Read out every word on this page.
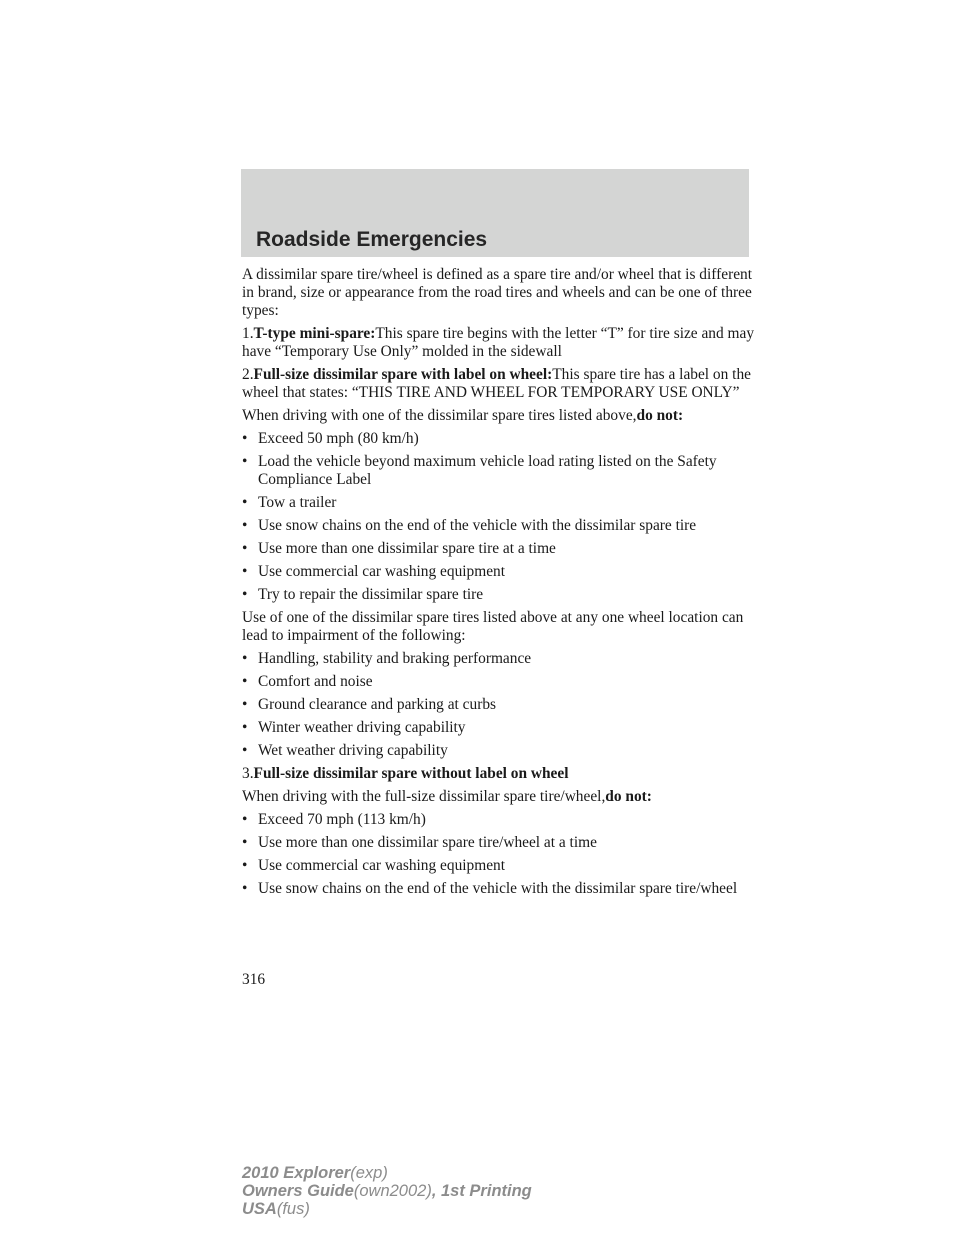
Roadside Emergencies

A dissimilar spare tire/wheel is defined as a spare tire and/or wheel that is different in brand, size or appearance from the road tires and wheels and can be one of three types:

1.T-type mini-spare:This spare tire begins with the letter “T” for tire size and may have “Temporary Use Only” molded in the sidewall

2.Full-size dissimilar spare with label on wheel:This spare tire has a label on the wheel that states: “THIS TIRE AND WHEEL FOR TEMPORARY USE ONLY”

When driving with one of the dissimilar spare tires listed above,do not:

• Exceed 50 mph (80 km/h)
• Load the vehicle beyond maximum vehicle load rating listed on the Safety Compliance Label
• Tow a trailer
• Use snow chains on the end of the vehicle with the dissimilar spare tire
• Use more than one dissimilar spare tire at a time
• Use commercial car washing equipment
• Try to repair the dissimilar spare tire

Use of one of the dissimilar spare tires listed above at any one wheel location can lead to impairment of the following:

• Handling, stability and braking performance
• Comfort and noise
• Ground clearance and parking at curbs
• Winter weather driving capability
• Wet weather driving capability

3.Full-size dissimilar spare without label on wheel

When driving with the full-size dissimilar spare tire/wheel,do not:

• Exceed 70 mph (113 km/h)
• Use more than one dissimilar spare tire/wheel at a time
• Use commercial car washing equipment
• Use snow chains on the end of the vehicle with the dissimilar spare tire/wheel
316
2010 Explorer(exp)
Owners Guide(own2002), 1st Printing
USA(fus)
